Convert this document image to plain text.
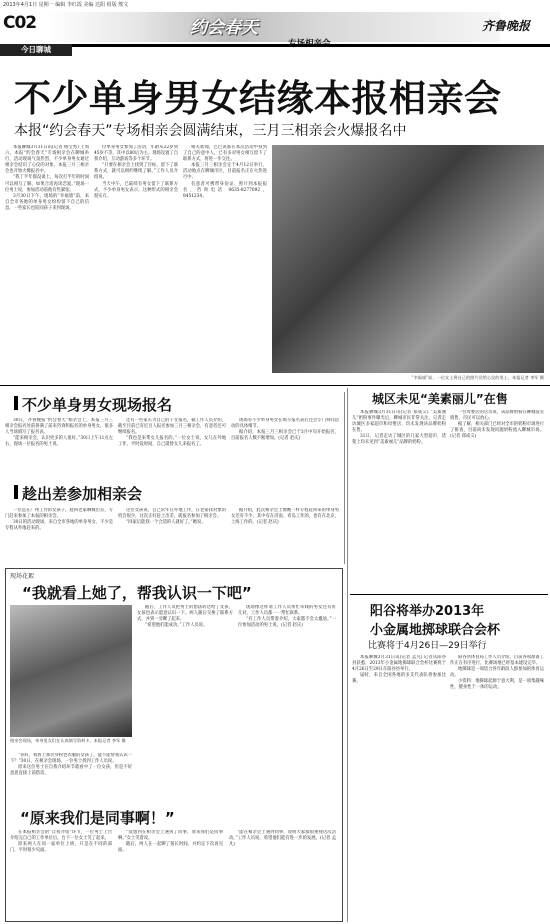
2013年4月1日 星期一 编辑 李红霞 美编 达阳 组版 熊文
C02	约会春天	齐鲁晚报
今日聊城
不少单身男女结缘本报相亲会
本报“约会春天”专场相亲会圆满结束，三月三相亲会火爆报名中

本报聊城3月31日讯(记者 杨宝秀) 上周六，本报“约会春天”专场相亲会在聊城举行，活动现场气氛热烈，不少单身男女通过相亲会结识了心仪的对象，本报三月三相亲会也开始火爆报名中。

“我丁半年都没谈上，每次打半年的时间可以相互了解，如果合适再谈恋爱。”现场一位男士说，参加活动前他有些紧张。

3月30日下午，现场的“幸福墙”前，来自全市各地的单身男女纷纷留下自己的信息，一些家长也陪同孩子来到现场。

位单身男女参加了活动，年龄从22岁到45岁不等，其中以80后为主。现场设置了自我介绍、互动游戏等多个环节。

“只要在相亲会上找到了目标，留下了联系方式，就可以相约继续了解。”工作人员介绍说。

当天中午，已陆续有男女留下了联系方式，不少单身男女表示，这种形式的相亲会很实在。

相关新闻，巴巴说都在本次活动中找到了自己的意中人，已有多对男女相互留下了联系方式，将进一步交往。

本报三月三相亲会定于4月12日举行，活动地点在聊城市区，目前报名正在火热进行中。

有意者可携带身份证、照片到本报报名，咨询电话 0635-8277092，8451234。

“幸福墙”前，一位女士将自己的照片送给心仪的男士。本报记者 李军 摄
不少单身男女现场报名

30日，齐鲁晚报“约会春天”相亲会上，本报三月三相亲会报名处前挤满了前来咨询和报名的单身男女，很多人当场填写了报名表。

“能来相亲会，认识更多的人很好。”30日上午11点左右，现场一位报名的男士说。

还有一些家长为自己的子女报名，据工作人员介绍，截至目前已有近百人报名参加三月三相亲会，有意者还可继续报名。

“我也是来帮女儿报名的。”一位女士说，女儿在外地工作，平时没时间，自己就替女儿来报名了。

现场有不少单身男女在填写报名表后还会专门询问活动的具体细节。

据介绍，本报三月三相亲会已于3月中旬开始报名，目前报名人数不断增加。(记者 赵庆)

趁出差参加相亲会

一位远在广州工作的女孩子，趁回老家聊城出差，专门赶来参加了本报的相亲会。

30日的活动现场，来自全市各地的单身男女，不少是专程从外地赶来的。

这位女孩说，自己常年在外地工作，在老家找对象的机会很少，这次正好赶上出差，就报名参加了相亲会。

“回家后能找一个合适的人就好了。”她说。

据介绍，此次相亲会上像她一样专程赶回来的单身男女还有不少，其中有在济南、青岛工作的，也有在北京、上海工作的。(记者 赵庆)

现场花絮
“我就看上她了，帮我认识一下吧”
相亲会现场，单身男女们在认真填写资料卡。本报记者 李军 摄

“你好，我看上那位穿粉色衣服的女孩了，能不能帮我认识一下？”30日，在相亲会现场，一位男士找到工作人员说。

原来这位男士在自我介绍环节就看中了一位女孩，但是不好意思直接上前搭话。

随后，工作人员把男士的想法转达给了女孩，女孩也表示愿意认识一下。两人随后交换了联系方式，并到一旁聊了起来。

“希望他们能成功。”工作人员说。

现场像这样请工作人员帮忙牵线的男女还有好几对，工作人员都一一帮忙联系。

“有工作人员帮着介绍，大家都不会太尴尬。”一位参加活动的男士说。(记者 赵庆)

“原来我们是同事啊！”

在本报相亲会的“自我介绍”环节，一位男士上台介绍完自己的工作单位后，台下一位女士笑了起来。

原来两人在同一家单位上班，只是在不同的部门，平时很少见面。

“没想到在相亲会上遇到了同事，原来我们是同事啊。”女士笑着说。

随后，两人在一起聊了很长时间，并约定下次再见面。

“能在相亲会上遇到同事，说明大家都很重视这次活动。”工作人员说，希望他们能有进一步的发展。(记者 孟凡)

城区未见“美素丽儿”在售

本报聊城3月31日讯(记者 郑成义) “美素丽儿”奶粉事件曝光后，聊城市民非常关注，记者走访城区多家超市和母婴店，均未发现该品牌奶粉在售。

31日，记者走访了城区的几家大型超市，货架上均未见到“美素丽儿”品牌的奶粉。

一位母婴店的店员说，该品牌奶粉在聊城没有销售，市民可以放心。

据了解，相关部门已经对全市的奶粉市场进行了排查，目前尚未发现问题奶粉流入聊城市场。(记者 郑成义)

阳谷将举办2013年
小金属地掷球联合会杯
比赛将于4月26日—29日举行

本报聊城3月31日讯(记者 孟凡) 记者从阳谷县获悉，2013年小金属地掷球联合会杯比赛将于4月26日至29日在阳谷县举行。

届时，来自全国各地的多支代表队将参加比赛。

阳谷县体育局工作人员介绍，目前各项准备工作正在有序进行，比赛场地已经基本建设完毕。

地掷球是一项适合各年龄段人群参加的体育运动。

小资料：地掷球起源于意大利，是一项集趣味性、健身性于一体的运动。
